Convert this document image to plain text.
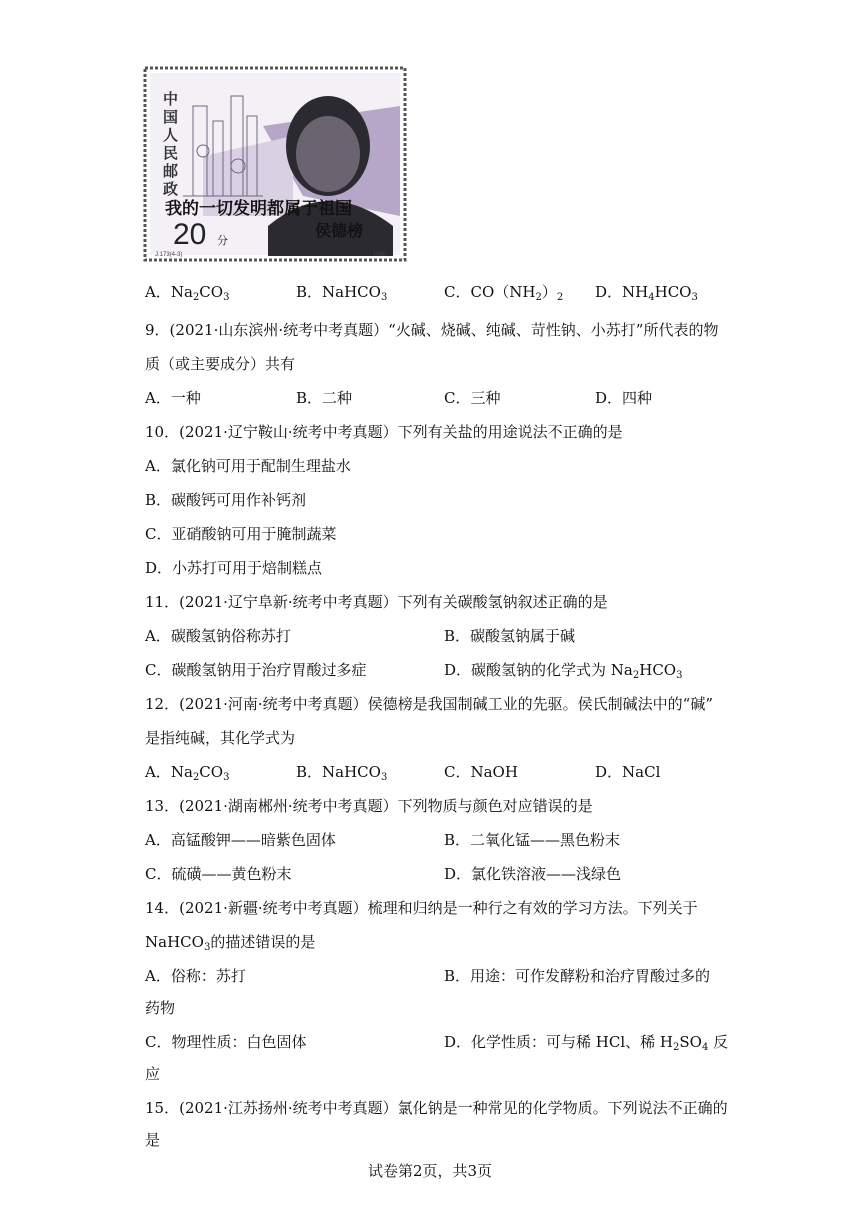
中
国
人
民
邮
政
我的一切发明都属于祖国
侯德榜
20 分
J.173(4-3)	1990
A．$Na_2CO_3$	B．NaHCO$_3$	C．$CO(NH_2)_2$ D．$NH_4HCO_3$
9．(2021·山东滨州·统考中考真题）“火碱、烧碱、纯碱、苛性钠、小苏打”所代表的物
质（或主要成分）共有
A．一种	B．二种	C．三种	D．四种
10．(2021·辽宁鞍山·统考中考真题）下列有关盐的用途说法不正确的是
A．氯化钠可用于配制生理盐水
B．碳酸钙可用作补钙剂
C．亚硝酸钠可用于腌制蔬菜
D．小苏打可用于焙制糕点
11．(2021·辽宁阜新·统考中考真题）下列有关碳酸氢钠叙述正确的是
A．碳酸氢钠俗称苏打	B．碳酸氢钠属于碱
C．碳酸氢钠用于治疗胃酸过多症	D．碳酸氢钠的化学式为 $Na_2HCO_3$
12．(2021·河南·统考中考真题）侯德榜是我国制碱工业的先驱。侯氏制碱法中的“碱”
是指纯碱，其化学式为
A．$Na_2CO_3$	B．NaHCO$_3$	C．NaOH	D．NaCl
13．(2021·湖南郴州·统考中考真题）下列物质与颜色对应错误的是
A．高锰酸钾——暗紫色固体	B．二氧化锰——黑色粉末
C．硫磺——黄色粉末	D．氯化铁溶液——浅绿色
14．(2021·新疆·统考中考真题）梳理和归纳是一种行之有效的学习方法。下列关于
NaHCO$_3$的描述错误的是
A．俗称：苏打	B．用途：可作发酵粉和治疗胃酸过多的
药物
C．物理性质：白色固体	D．化学性质：可与稀 HCl、稀 $H_2SO_4$ 反
应
15．(2021·江苏扬州·统考中考真题）氯化钠是一种常见的化学物质。下列说法不正确的
是
试卷第2页，共3页
